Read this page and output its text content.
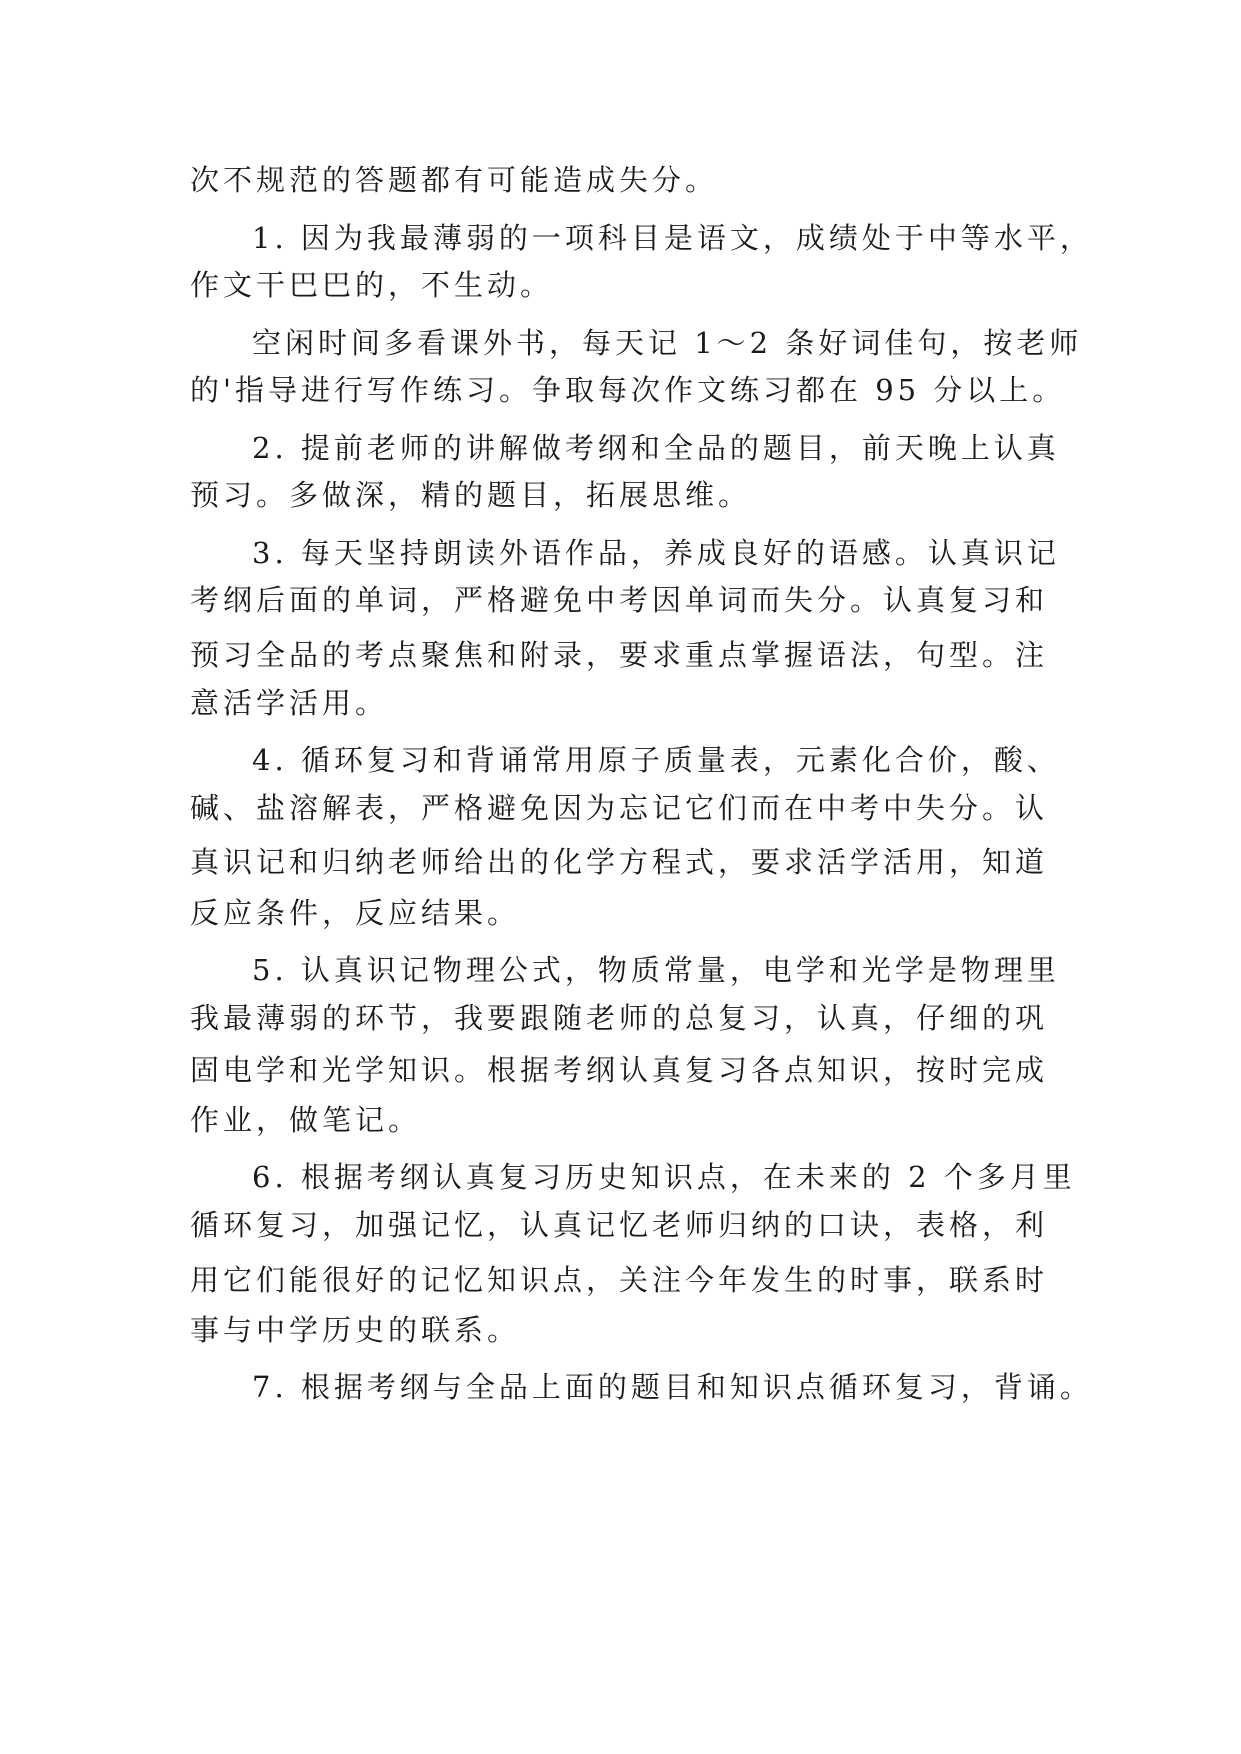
次不规范的答题都有可能造成失分。
1. 因为我最薄弱的一项科目是语文，成绩处于中等水平，
作文干巴巴的，不生动。
空闲时间多看课外书，每天记 1～2 条好词佳句，按老师
的'指导进行写作练习。争取每次作文练习都在 95 分以上。
2. 提前老师的讲解做考纲和全品的题目，前天晚上认真
预习。多做深，精的题目，拓展思维。
3. 每天坚持朗读外语作品，养成良好的语感。认真识记
考纲后面的单词，严格避免中考因单词而失分。认真复习和
预习全品的考点聚焦和附录，要求重点掌握语法，句型。注
意活学活用。
4. 循环复习和背诵常用原子质量表，元素化合价，酸、
碱、盐溶解表，严格避免因为忘记它们而在中考中失分。认
真识记和归纳老师给出的化学方程式，要求活学活用，知道
反应条件，反应结果。
5. 认真识记物理公式，物质常量，电学和光学是物理里
我最薄弱的环节，我要跟随老师的总复习，认真，仔细的巩
固电学和光学知识。根据考纲认真复习各点知识，按时完成
作业，做笔记。
6. 根据考纲认真复习历史知识点，在未来的 2 个多月里
循环复习，加强记忆，认真记忆老师归纳的口诀，表格，利
用它们能很好的记忆知识点，关注今年发生的时事，联系时
事与中学历史的联系。
7. 根据考纲与全品上面的题目和知识点循环复习，背诵。
